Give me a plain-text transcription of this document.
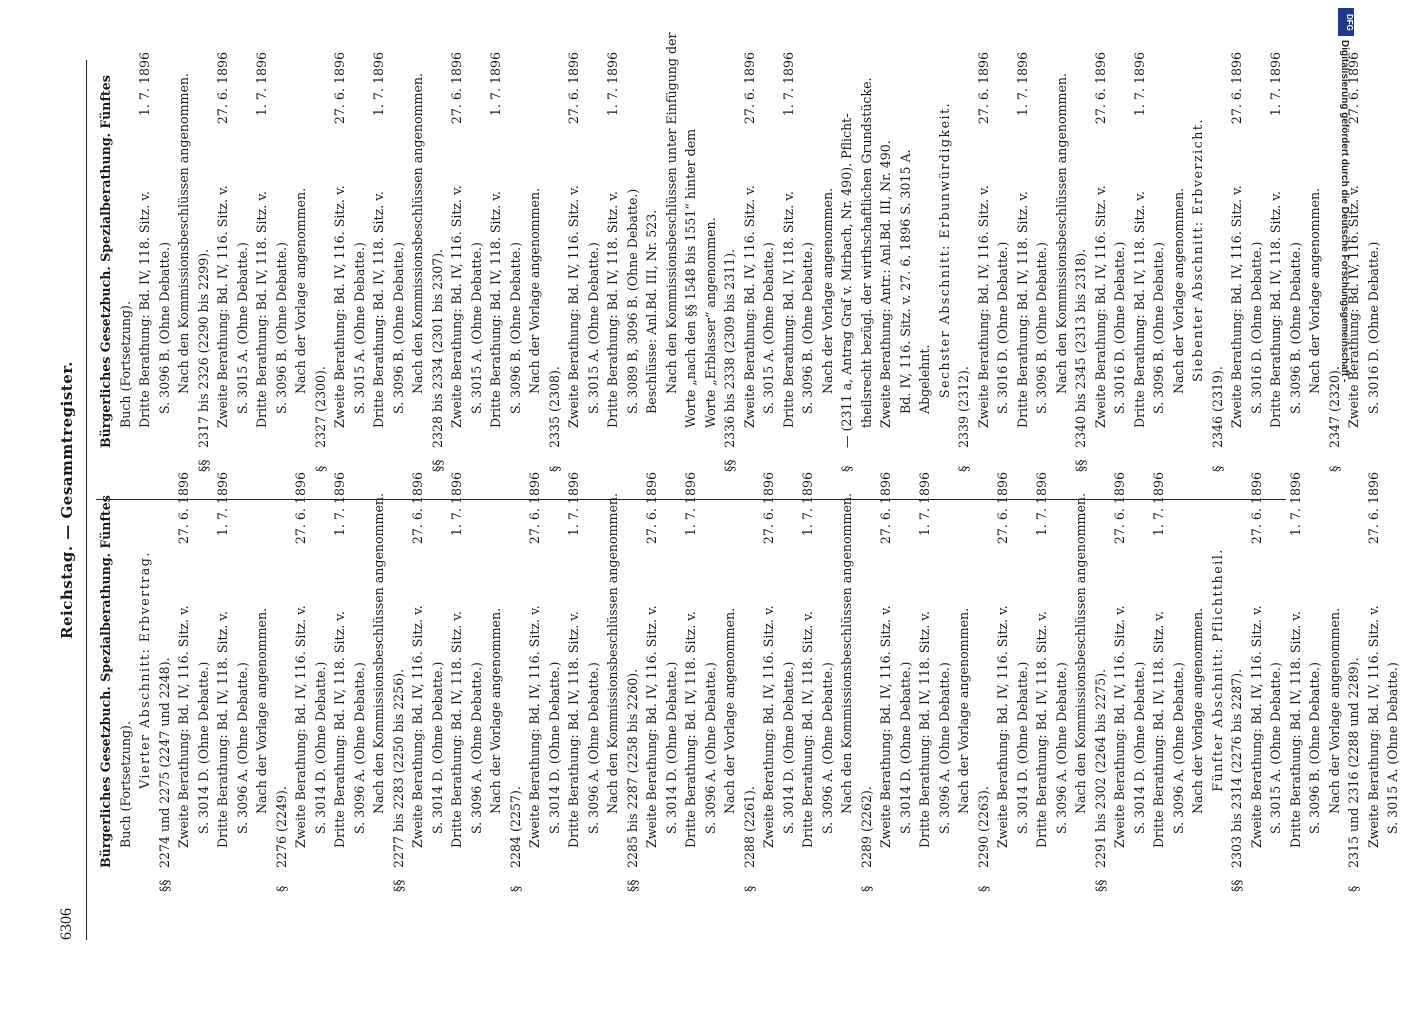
6306
Reichstag. — Gesammtregister. Bürgerliches Gesetzbuch. Spezialberathung. Fünftes Buch (Fortsetzung). Vierter Abschnitt: Erbvertrag.
§§2274 und 2275 (2247 und 2248). Zweite Berathung: Bd. IV, 116. Sitz. v.
27. 6. 1896
S. 3014 D. (Ohne Debatte.) Dritte Berathung: Bd. IV, 118. Sitz. v.
1. 7. 1896
S. 3096 A. (Ohne Debatte.) Nach der Vorlage angenommen.
§2276 (2249). Zweite Berathung: Bd. IV, 116. Sitz. v.
27. 6. 1896
S. 3014 D. (Ohne Debatte.) Dritte Berathung: Bd. IV, 118. Sitz. v.
1. 7. 1896
S. 3096 A. (Ohne Debatte.) Nach den Kommissionsbeschlüssen angenommen.
§§2277 bis 2283 (2250 bis 2256). Zweite Berathung: Bd. IV, 116. Sitz. v.
27. 6. 1896
S. 3014 D. (Ohne Debatte.) Dritte Berathung: Bd. IV, 118. Sitz. v.
1. 7. 1896
S. 3096 A. (Ohne Debatte.) Nach der Vorlage angenommen.
§2284 (2257). Zweite Berathung: Bd. IV, 116. Sitz. v.
27. 6. 1896
S. 3014 D. (Ohne Debatte.) Dritte Berathung: Bd. IV, 118. Sitz. v.
1. 7. 1896
S. 3096 A. (Ohne Debatte.) Nach den Kommissionsbeschlüssen angenommen.
§§2285 bis 2287 (2258 bis 2260). Zweite Berathung: Bd. IV, 116. Sitz. v.
27. 6. 1896
S. 3014 D. (Ohne Debatte.) Dritte Berathung: Bd. IV, 118. Sitz. v.
1. 7. 1896
S. 3096 A. (Ohne Debatte.) Nach der Vorlage angenommen.
§2288 (2261). Zweite Berathung: Bd. IV, 116. Sitz. v.
27. 6. 1896
S. 3014 D. (Ohne Debatte.) Dritte Berathung: Bd. IV, 118. Sitz. v.
1. 7. 1896
S. 3096 A. (Ohne Debatte.) Nach den Kommissionsbeschlüssen angenommen.
§2289 (2262). Zweite Berathung: Bd. IV, 116. Sitz. v.
27. 6. 1896
S. 3014 D. (Ohne Debatte.) Dritte Berathung: Bd. IV, 118. Sitz. v.
1. 7. 1896
S. 3096 A. (Ohne Debatte.) Nach der Vorlage angenommen.
§2290 (2263). Zweite Berathung: Bd. IV, 116. Sitz. v.
27. 6. 1896
S. 3014 D. (Ohne Debatte.) Dritte Berathung: Bd. IV, 118. Sitz. v.
1. 7. 1896
S. 3096 A. (Ohne Debatte.) Nach den Kommissionsbeschlüssen angenommen.
§§2291 bis 2302 (2264 bis 2275). Zweite Berathung: Bd. IV, 116. Sitz. v.
27. 6. 1896
S. 3014 D. (Ohne Debatte.) Dritte Berathung: Bd. IV, 118. Sitz. v.
1. 7. 1896
S. 3096 A. (Ohne Debatte.) Nach der Vorlage angenommen. Fünfter Abschnitt: Pflichttheil.
§§2303 bis 2314 (2276 bis 2287). Zweite Berathung: Bd. IV, 116. Sitz. v.
27. 6. 1896
S. 3015 A. (Ohne Debatte.) Dritte Berathung: Bd. IV, 118. Sitz. v.
1. 7. 1896
S. 3096 B. (Ohne Debatte.) Nach der Vorlage angenommen.
§2315 und 2316 (2288 und 2289). Zweite Berathung: Bd. IV, 116. Sitz. v.
27. 6. 1896
S. 3015 A. (Ohne Debatte.)
Bürgerliches Gesetzbuch. Spezialberathung. Fünftes Buch (Fortsetzung). Dritte Berathung: Bd. IV, 118. Sitz. v.
1. 7. 1896
S. 3096 B. (Ohne Debatte.) Nach den Kommissionsbeschlüssen angenommen.
§§2317 bis 2326 (2290 bis 2299). Zweite Berathung: Bd. IV, 116. Sitz. v.
27. 6. 1896
S. 3015 A. (Ohne Debatte.) Dritte Berathung: Bd. IV, 118. Sitz. v.
1. 7. 1896
S. 3096 B. (Ohne Debatte.) Nach der Vorlage angenommen.
§2327 (2300). Zweite Berathung: Bd. IV, 116. Sitz. v.
27. 6. 1896
S. 3015 A. (Ohne Debatte.) Dritte Berathung: Bd. IV, 118. Sitz. v.
1. 7. 1896
S. 3096 B. (Ohne Debatte.) Nach den Kommissionsbeschlüssen angenommen.
§§2328 bis 2334 (2301 bis 2307). Zweite Berathung: Bd. IV, 116. Sitz. v.
27. 6. 1896
S. 3015 A. (Ohne Debatte.) Dritte Berathung: Bd. IV, 118. Sitz. v.
1. 7. 1896
S. 3096 B. (Ohne Debatte.) Nach der Vorlage angenommen.
§2335 (2308). Zweite Berathung: Bd. IV, 116. Sitz. v.
27. 6. 1896
S. 3015 A. (Ohne Debatte.) Dritte Berathung: Bd. IV, 118. Sitz. v.
1. 7. 1896
S. 3089 B, 3096 B. (Ohne Debatte.) Beschlüsse: Anl.Bd. III, Nr. 523. Nach den Kommissionsbeschlüssen unter Einfügung der Worte „nach den §§ 1548 bis 1551“ hinter dem Worte „Erblasser“ angenommen.
§§2336 bis 2338 (2309 bis 2311). Zweite Berathung: Bd. IV, 116. Sitz. v.
27. 6. 1896
S. 3015 A. (Ohne Debatte.) Dritte Berathung: Bd. IV, 118. Sitz. v.
1. 7. 1896
S. 3096 B. (Ohne Debatte.) Nach der Vorlage angenommen.
§— (2311 a, Antrag Graf v. Mirbach, Nr. 490). Pflicht- theilsrecht bezügl. der wirthschaftlichen Grundstücke. Zweite Berathung: Antr.: Anl.Bd. III, Nr. 490. Bd. IV, 116. Sitz. v. 27. 6. 1896 S. 3015 A. Abgelehnt. Sechster Abschnitt: Erbunwürdigkeit.
§2339 (2312). Zweite Berathung: Bd. IV, 116. Sitz. v.
27. 6. 1896
S. 3016 D. (Ohne Debatte.) Dritte Berathung: Bd. IV, 118. Sitz. v.
1. 7. 1896
S. 3096 B. (Ohne Debatte.) Nach den Kommissionsbeschlüssen angenommen.
§§2340 bis 2345 (2313 bis 2318). Zweite Berathung: Bd. IV, 116. Sitz. v.
27. 6. 1896
S. 3016 D. (Ohne Debatte.) Dritte Berathung: Bd. IV, 118. Sitz. v.
1. 7. 1896
S. 3096 B. (Ohne Debatte.) Nach der Vorlage angenommen. Siebenter Abschnitt: Erbverzicht.
§2346 (2319). Zweite Berathung: Bd. IV, 116. Sitz. v.
27. 6. 1896
S. 3016 D. (Ohne Debatte.) Dritte Berathung: Bd. IV, 118. Sitz. v.
1. 7. 1896
S. 3096 B. (Ohne Debatte.) Nach der Vorlage angenommen.
§2347 (2320). Zweite Berathung: Bd. IV, 116. Sitz. v.
27. 6. 1896
S. 3016 D. (Ohne Debatte.)
DFG
Digitalisierung gefördert durch die Deutsche Forschungsgemeinschaft -
